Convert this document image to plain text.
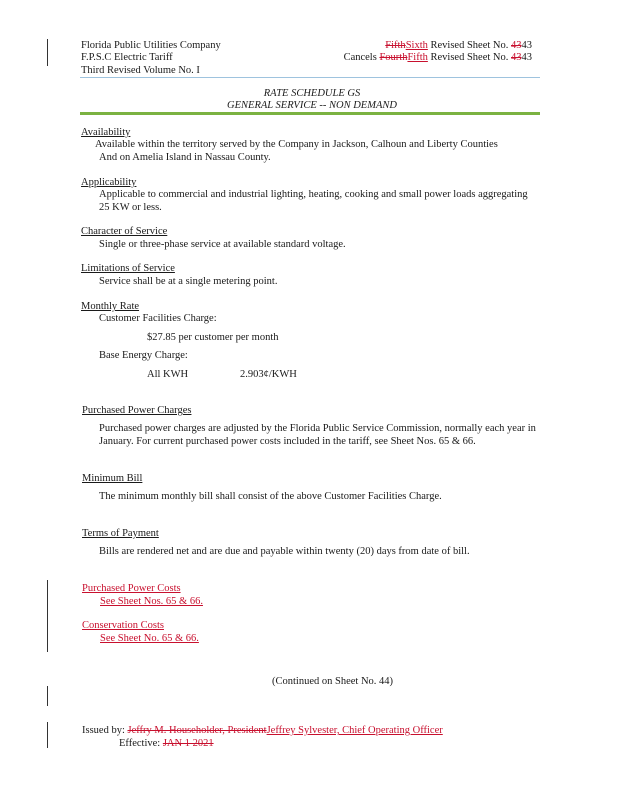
Florida Public Utilities Company
F.P.S.C Electric Tariff
Third Revised Volume No. I
FifthSixth Revised Sheet No. 4343
Cancels FourthFifth Revised Sheet No. 4343
RATE SCHEDULE GS
GENERAL SERVICE -- NON DEMAND
Availability
Available within the territory served by the Company in Jackson, Calhoun and Liberty Counties
And on Amelia Island in Nassau County.
Applicability
Applicable to commercial and industrial lighting, heating, cooking and small power loads aggregating
25 KW or less.
Character of Service
Single or three-phase service at available standard voltage.
Limitations of Service
Service shall be at a single metering point.
Monthly Rate
Customer Facilities Charge:
$27.85 per customer per month
Base Energy Charge:
All KWH	2.903¢/KWH
Purchased Power Charges
Purchased power charges are adjusted by the Florida Public Service Commission, normally each year in
January. For current purchased power costs included in the tariff, see Sheet Nos. 65 & 66.
Minimum Bill
The minimum monthly bill shall consist of the above Customer Facilities Charge.
Terms of Payment
Bills are rendered net and are due and payable within twenty (20) days from date of bill.
Purchased Power Costs
See Sheet Nos. 65 & 66.
Conservation Costs
See Sheet No. 65 & 66.
(Continued on Sheet No. 44)
Issued by: Jeffry M. Householder, PresidentJeffrey Sylvester, Chief Operating Officer
Effective: JAN 1 2021
